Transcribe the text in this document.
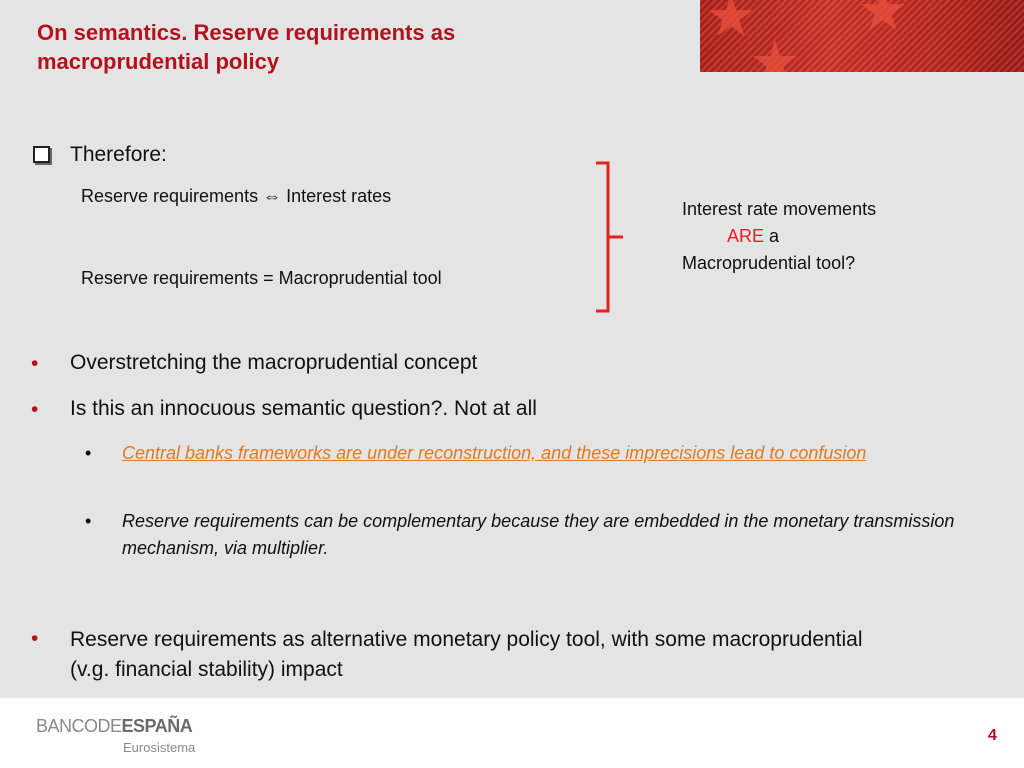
On semantics. Reserve requirements as macroprudential policy
Therefore:
Reserve requirements ⇔ Interest rates
Reserve requirements = Macroprudential tool
Interest rate movements
ARE a
Macroprudential tool?
• Overstretching the macroprudential concept
• Is this an innocuous semantic question?. Not at all
• Central banks frameworks are under reconstruction, and these imprecisions lead to confusion
• Reserve requirements can be complementary because they are embedded in the monetary transmission mechanism, via multiplier.
• Reserve requirements as alternative monetary policy tool, with some macroprudential (v.g. financial stability) impact
BANCODEESPAÑA
Eurosistema
4
